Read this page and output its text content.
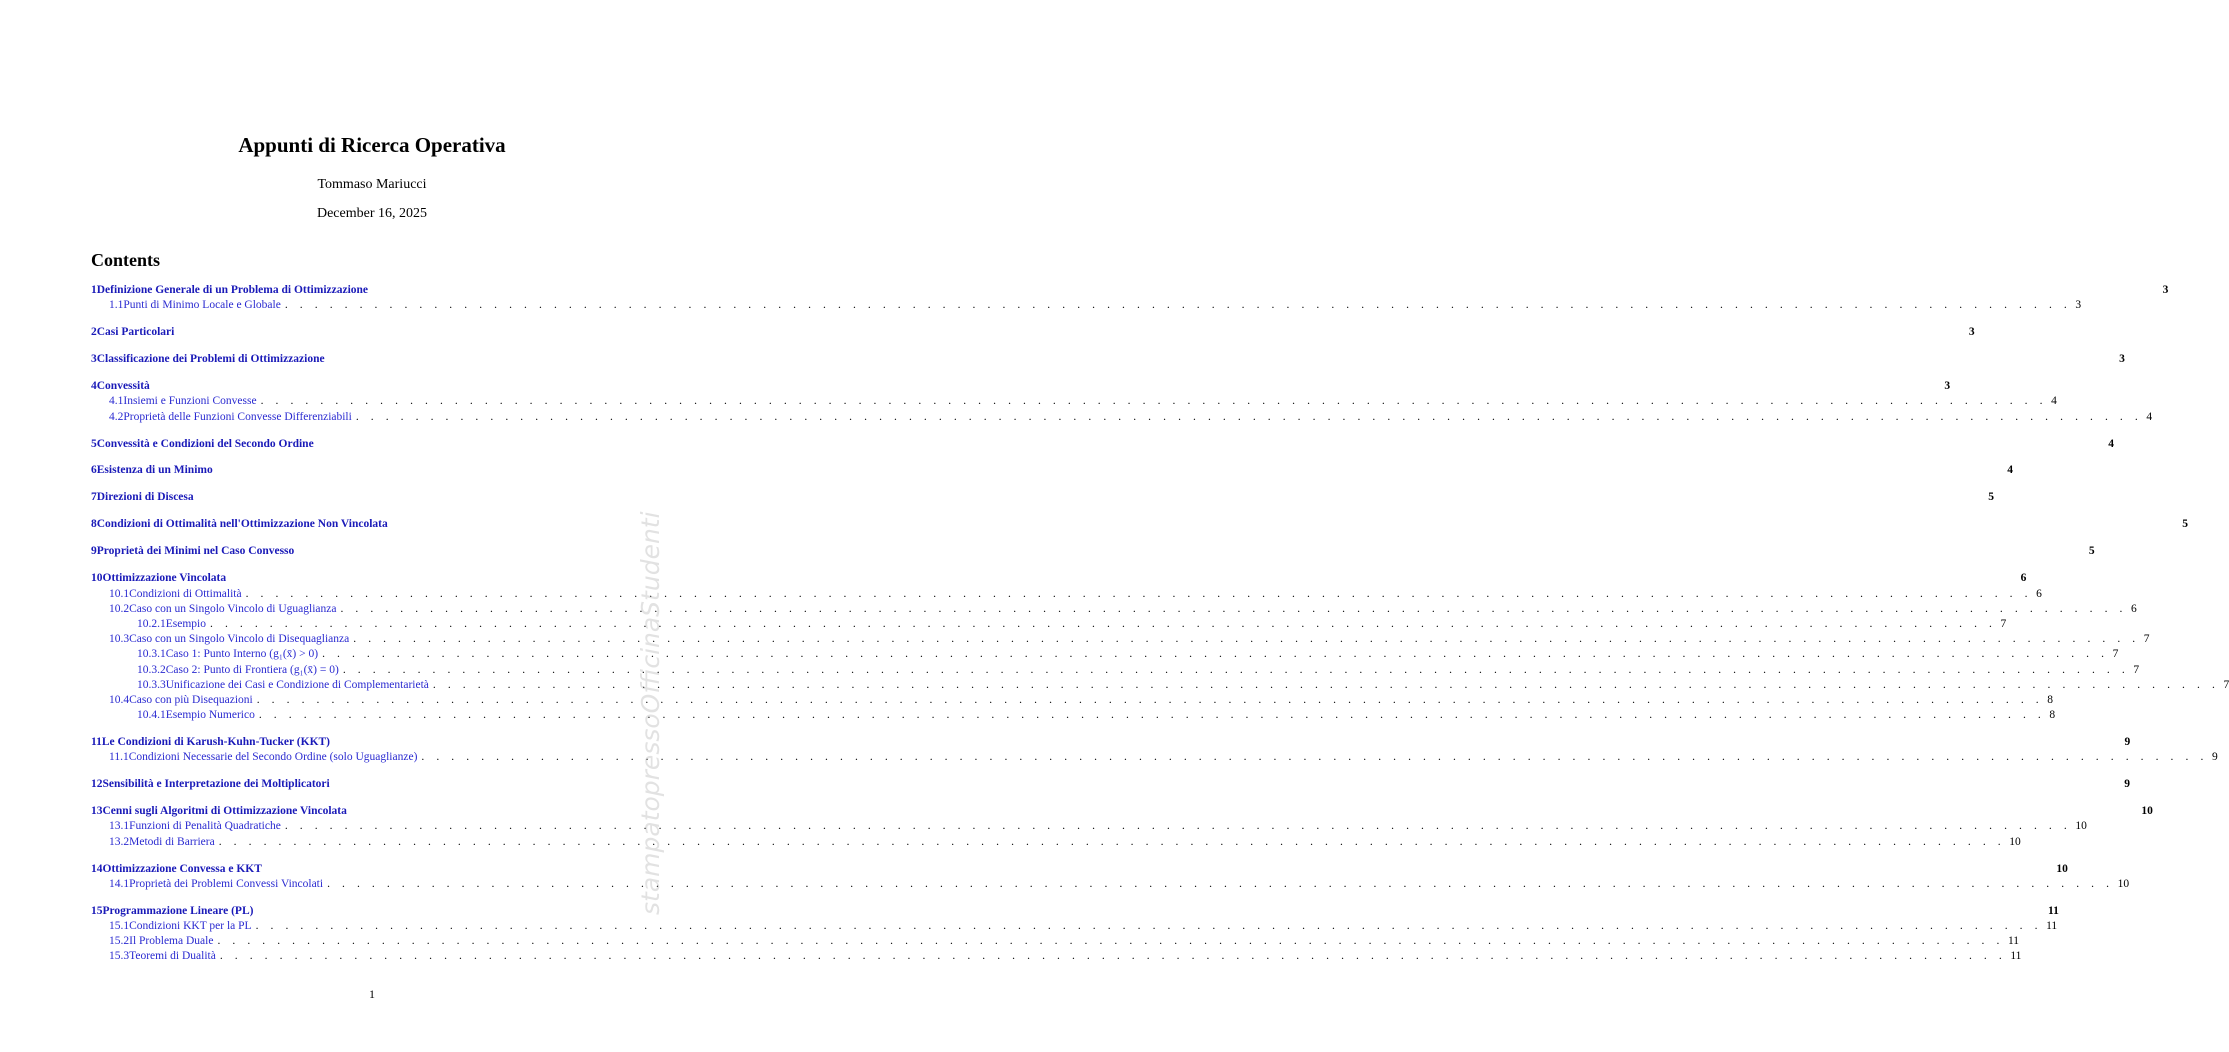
Appunti di Ricerca Operativa
Tommaso Mariucci
December 16, 2025
Contents
1 Definizione Generale di un Problema di Ottimizzazione	3
1.1 Punti di Minimo Locale e Globale . . . . . . . . . . . . . . . . . . . . . . . . . . . . . . . . . . . . . . . . . . . . . . . . . . . . . . . . . . . . . . . . . . . . . . . . . . . . . . . . . . . . . . . . . . . . . . . . . . . . . . . . . . . . . . . . . . . . . . . . 3
2 Casi Particolari	3
3 Classificazione dei Problemi di Ottimizzazione	3
4 Convessità	3
4.1 Insiemi e Funzioni Convesse . . . . . . . . . . . . . . . . . . . . . . . . . . . . . . . . . . . . . . . . . . . . . . . . . . . . . . . . . . . . . . . . . . . . . . . . . . . . . . . . . . . . . . . . . . . . . . . . . . . . . . . . . . . . . . . . . . . . . . . . 4
4.2 Proprietà delle Funzioni Convesse Differenziabili . . . . . . . . . . . . . . . . . . . . . . . . . . . . . . . . . . . . . . . . . . . . . . . . . . . . . . . . . . . . . . . . . . . . . . . . . . . . . . . . . . . . . . . . . . . . . . . . . . . . . . . . . . . . . . . . . . . . . . . . 4
5 Convessità e Condizioni del Secondo Ordine	4
6 Esistenza di un Minimo	4
7 Direzioni di Discesa	5
8 Condizioni di Ottimalità nell'Ottimizzazione Non Vincolata	5
9 Proprietà dei Minimi nel Caso Convesso	5
10 Ottimizzazione Vincolata	6
10.1 Condizioni di Ottimalità . . . . . . . . . . . . . . . . . . . . . . . . . . . . . . . . . . . . . . . . . . . . . . . . . . . . . . . . . . . . . . . . . . . . . . . . . . . . . . . . . . . . . . . . . . . . . . . . . . . . . . . . . . . . . . . . . . . . . . . . 6
10.2 Caso con un Singolo Vincolo di Uguaglianza . . . . . . . . . . . . . . . . . . . . . . . . . . . . . . . . . . . . . . . . . . . . . . . . . . . . . . . . . . . . . . . . . . . . . . . . . . . . . . . . . . . . . . . . . . . . . . . . . . . . . . . . . . . . . . . . . . . . . . . . 6
10.2.1 Esempio . . . . . . . . . . . . . . . . . . . . . . . . . . . . . . . . . . . . . . . . . . . . . . . . . . . . . . . . . . . . . . . . . . . . . . . . . . . . . . . . . . . . . . . . . . . . . . . . . . . . . . . . . . . . . . . . . . . . . . . . 7
10.3 Caso con un Singolo Vincolo di Disequaglianza . . . . . . . . . . . . . . . . . . . . . . . . . . . . . . . . . . . . . . . . . . . . . . . . . . . . . . . . . . . . . . . . . . . . . . . . . . . . . . . . . . . . . . . . . . . . . . . . . . . . . . . . . . . . . . . . . . . . . . . . 7
10.3.1 Caso 1: Punto Interno (g₁(x̄) > 0) . . . . . . . . . . . . . . . . . . . . . . . . . . . . . . . . . . . . . . . . . . . . . . . . . . . . . . . . . . . . . . . . . . . . . . . . . . . . . . . . . . . . . . . . . . . . . . . . . . . . . . . . . . . . . . . . . . . . . . . . 7
10.3.2 Caso 2: Punto di Frontiera (g₁(x̄) = 0) . . . . . . . . . . . . . . . . . . . . . . . . . . . . . . . . . . . . . . . . . . . . . . . . . . . . . . . . . . . . . . . . . . . . . . . . . . . . . . . . . . . . . . . . . . . . . . . . . . . . . . . . . . . . . . . . . . . . . . . . 7
10.3.3 Unificazione dei Casi e Condizione di Complementarietà . . . . . . . . . . . . . . . . . . . . . . . . . . . . . . . . . . . . . . . . . . . . . . . . . . . . . . . . . . . . . . . . . . . . . . . . . . . . . . . . . . . . . . . . . . . . . . . . . . . . . . . . . . . . . . . . . . . . . . . . 7
10.4 Caso con più Disequazioni . . . . . . . . . . . . . . . . . . . . . . . . . . . . . . . . . . . . . . . . . . . . . . . . . . . . . . . . . . . . . . . . . . . . . . . . . . . . . . . . . . . . . . . . . . . . . . . . . . . . . . . . . . . . . . . . . . . . . . . . 8
10.4.1 Esempio Numerico . . . . . . . . . . . . . . . . . . . . . . . . . . . . . . . . . . . . . . . . . . . . . . . . . . . . . . . . . . . . . . . . . . . . . . . . . . . . . . . . . . . . . . . . . . . . . . . . . . . . . . . . . . . . . . . . . . . . . . . . 8
11 Le Condizioni di Karush-Kuhn-Tucker (KKT)	9
11.1 Condizioni Necessarie del Secondo Ordine (solo Uguaglianze) . . . . . . . . . . . . . . . . . . . . . . . . . . . . . . . . . . . . . . . . . . . . . . . . . . . . . . . . . . . . . . . . . . . . . . . . . . . . . . . . . . . . . . . . . . . . . . . . . . . . . . . . . . . . . . . . . . . . . . . . 9
12 Sensibilità e Interpretazione dei Moltiplicatori	9
13 Cenni sugli Algoritmi di Ottimizzazione Vincolata	10
13.1 Funzioni di Penalità Quadratiche . . . . . . . . . . . . . . . . . . . . . . . . . . . . . . . . . . . . . . . . . . . . . . . . . . . . . . . . . . . . . . . . . . . . . . . . . . . . . . . . . . . . . . . . . . . . . . . . . . . . . . . . . . . . . . . . . . . . . . . . 10
13.2 Metodi di Barriera . . . . . . . . . . . . . . . . . . . . . . . . . . . . . . . . . . . . . . . . . . . . . . . . . . . . . . . . . . . . . . . . . . . . . . . . . . . . . . . . . . . . . . . . . . . . . . . . . . . . . . . . . . . . . . . . . . . . . . . . 10
14 Ottimizzazione Convessa e KKT	10
14.1 Proprietà dei Problemi Convessi Vincolati . . . . . . . . . . . . . . . . . . . . . . . . . . . . . . . . . . . . . . . . . . . . . . . . . . . . . . . . . . . . . . . . . . . . . . . . . . . . . . . . . . . . . . . . . . . . . . . . . . . . . . . . . . . . . . . . . . . . . . . . 10
15 Programmazione Lineare (PL)	11
15.1 Condizioni KKT per la PL . . . . . . . . . . . . . . . . . . . . . . . . . . . . . . . . . . . . . . . . . . . . . . . . . . . . . . . . . . . . . . . . . . . . . . . . . . . . . . . . . . . . . . . . . . . . . . . . . . . . . . . . . . . . . . . . . . . . . . . . 11
15.2 Il Problema Duale . . . . . . . . . . . . . . . . . . . . . . . . . . . . . . . . . . . . . . . . . . . . . . . . . . . . . . . . . . . . . . . . . . . . . . . . . . . . . . . . . . . . . . . . . . . . . . . . . . . . . . . . . . . . . . . . . . . . . . . . 11
15.3 Teoremi di Dualità . . . . . . . . . . . . . . . . . . . . . . . . . . . . . . . . . . . . . . . . . . . . . . . . . . . . . . . . . . . . . . . . . . . . . . . . . . . . . . . . . . . . . . . . . . . . . . . . . . . . . . . . . . . . . . . . . . . . . . . . 11
1
stampatopressoOfficinaStudenti
